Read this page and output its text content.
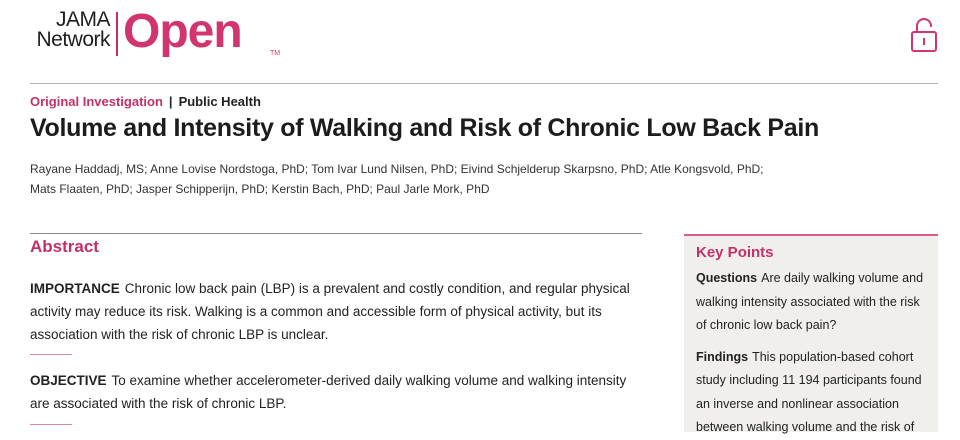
JAMA
Network Open	TM
Original Investigation | Public Health
Volume and Intensity of Walking and Risk of Chronic Low Back Pain
Rayane Haddadj, MS; Anne Lovise Nordstoga, PhD; Tom Ivar Lund Nilsen, PhD; Eivind Schjelderup Skarpsno, PhD; Atle Kongsvold, PhD;
Mats Flaaten, PhD; Jasper Schipperijn, PhD; Kerstin Bach, PhD; Paul Jarle Mork, PhD
Abstract

IMPORTANCE Chronic low back pain (LBP) is a prevalent and costly condition, and regular physical activity may reduce its risk. Walking is a common and accessible form of physical activity, but its association with the risk of chronic LBP is unclear.

OBJECTIVE To examine whether accelerometer-derived daily walking volume and walking intensity are associated with the risk of chronic LBP.

Key Points

Questions Are daily walking volume and walking intensity associated with the risk of chronic low back pain?

Findings This population-based cohort study including 11 194 participants found an inverse and nonlinear association between walking volume and the risk of
